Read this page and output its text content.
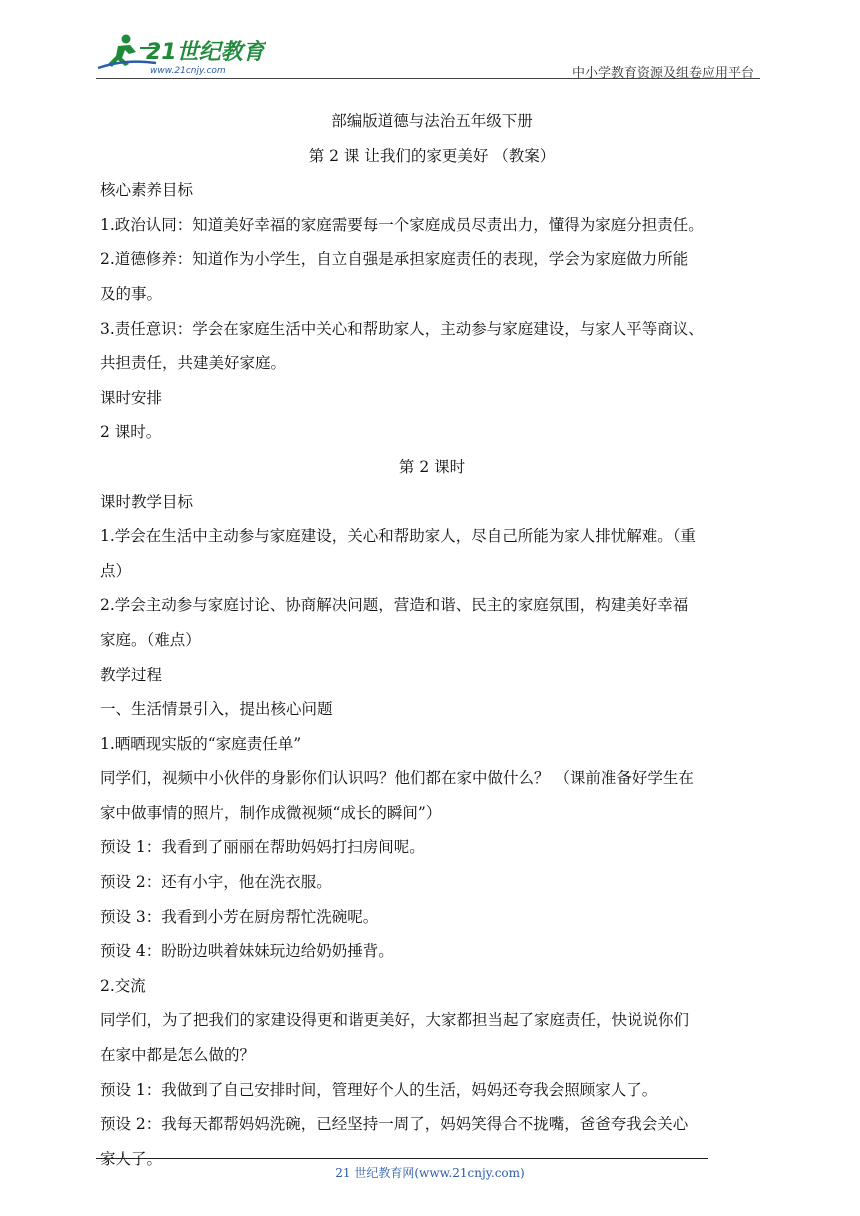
21世纪教育
www.21cnjy.com	中小学教育资源及组卷应用平台
部编版道德与法治五年级下册
第 2 课 让我们的家更美好 （教案）
核心素养目标
1.政治认同：知道美好幸福的家庭需要每一个家庭成员尽责出力，懂得为家庭分担责任。
2.道德修养：知道作为小学生，自立自强是承担家庭责任的表现，学会为家庭做力所能
及的事。
3.责任意识：学会在家庭生活中关心和帮助家人，主动参与家庭建设，与家人平等商议、
共担责任，共建美好家庭。
课时安排
2 课时。
第 2 课时
课时教学目标
1.学会在生活中主动参与家庭建设，关心和帮助家人，尽自己所能为家人排忧解难。（重
点）
2.学会主动参与家庭讨论、协商解决问题，营造和谐、民主的家庭氛围，构建美好幸福
家庭。（难点）
教学过程
一、生活情景引入，提出核心问题
1.晒晒现实版的“家庭责任单”
同学们，视频中小伙伴的身影你们认识吗？他们都在家中做什么？ （课前准备好学生在
家中做事情的照片，制作成微视频“成长的瞬间”）
预设 1：我看到了丽丽在帮助妈妈打扫房间呢。
预设 2：还有小宇，他在洗衣服。
预设 3：我看到小芳在厨房帮忙洗碗呢。
预设 4：盼盼边哄着妹妹玩边给奶奶捶背。
2.交流
同学们，为了把我们的家建设得更和谐更美好，大家都担当起了家庭责任，快说说你们
在家中都是怎么做的？
预设 1：我做到了自己安排时间，管理好个人的生活，妈妈还夸我会照顾家人了。
预设 2：我每天都帮妈妈洗碗，已经坚持一周了，妈妈笑得合不拢嘴，爸爸夸我会关心
家人了。
21 世纪教育网(www.21cnjy.com)
